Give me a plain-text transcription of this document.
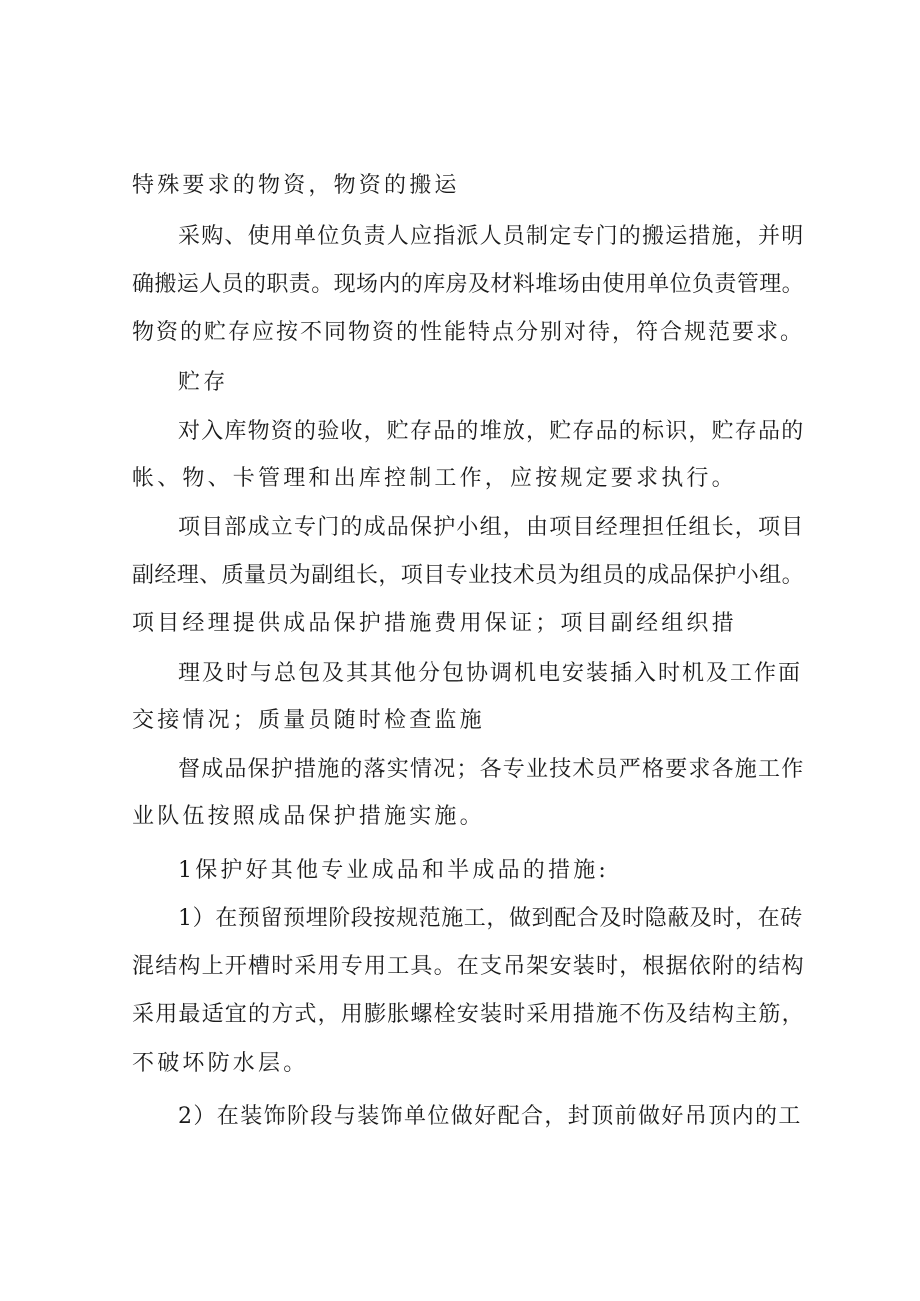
特殊要求的物资，物资的搬运
采购、使用单位负责人应指派人员制定专门的搬运措施，并明
确搬运人员的职责。现场内的库房及材料堆场由使用单位负责管理。
物资的贮存应按不同物资的性能特点分别对待，符合规范要求。
贮存
对入库物资的验收，贮存品的堆放，贮存品的标识，贮存品的
帐、物、卡管理和出库控制工作，应按规定要求执行。
项目部成立专门的成品保护小组，由项目经理担任组长，项目
副经理、质量员为副组长，项目专业技术员为组员的成品保护小组。
项目经理提供成品保护措施费用保证；项目副经组织措
理及时与总包及其其他分包协调机电安装插入时机及工作面
交接情况；质量员随时检查监施
督成品保护措施的落实情况；各专业技术员严格要求各施工作
业队伍按照成品保护措施实施。
1保护好其他专业成品和半成品的措施:
1）在预留预埋阶段按规范施工，做到配合及时隐蔽及时，在砖
混结构上开槽时采用专用工具。在支吊架安装时，根据依附的结构
采用最适宜的方式，用膨胀螺栓安装时采用措施不伤及结构主筋，
不破坏防水层。
2）在装饰阶段与装饰单位做好配合，封顶前做好吊顶内的工
